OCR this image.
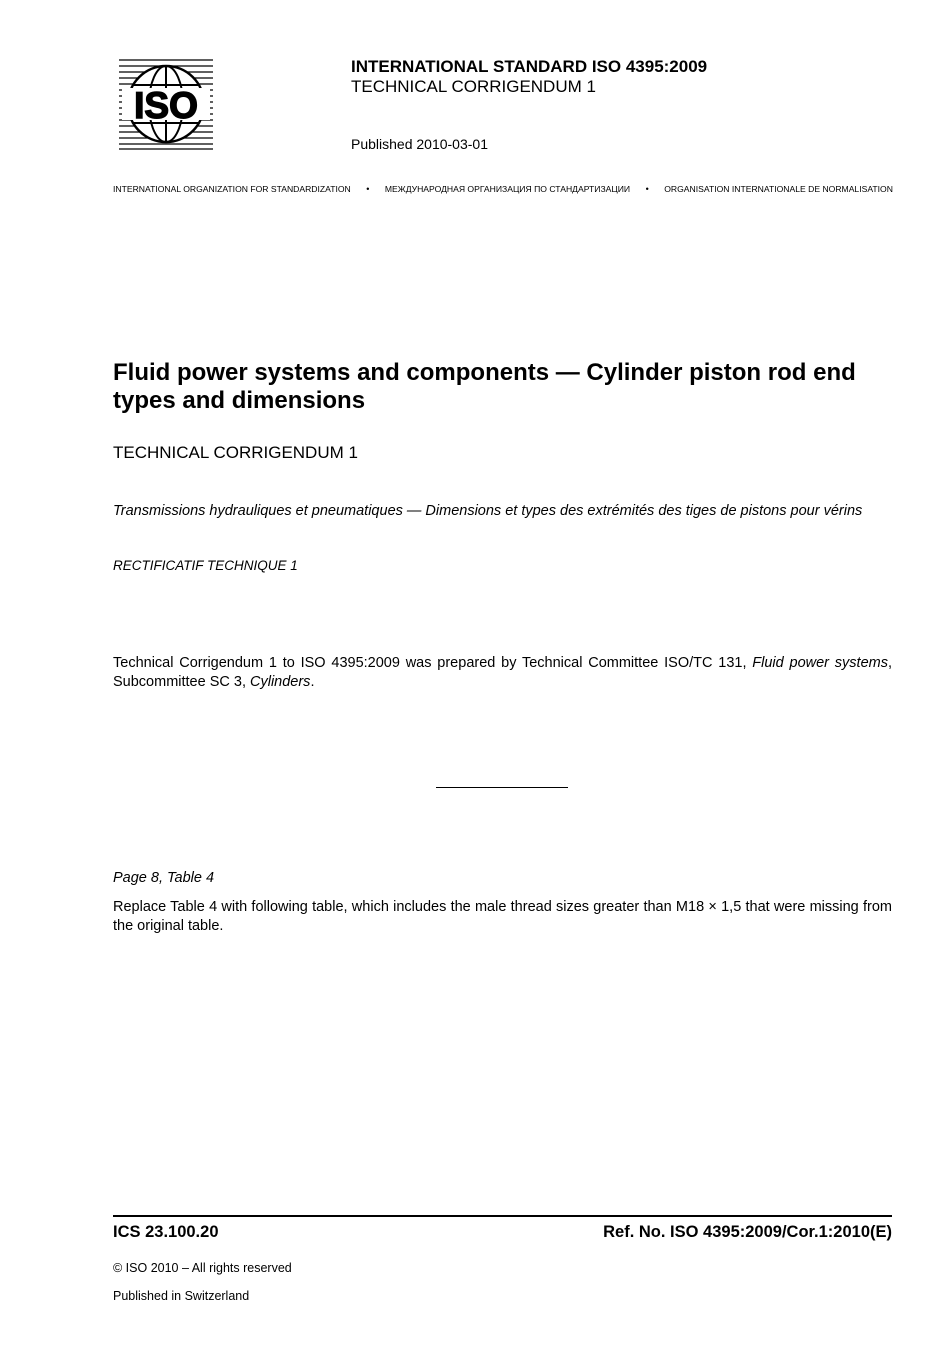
ISO
INTERNATIONAL STANDARD ISO 4395:2009
TECHNICAL CORRIGENDUM 1
Published 2010-03-01
INTERNATIONAL ORGANIZATION FOR STANDARDIZATION • МЕЖДУНАРОДНАЯ ОРГАНИЗАЦИЯ ПО СТАНДАРТИЗАЦИИ • ORGANISATION INTERNATIONALE DE NORMALISATION
Fluid power systems and components — Cylinder piston rod end types and dimensions
TECHNICAL CORRIGENDUM 1
Transmissions hydrauliques et pneumatiques — Dimensions et types des extrémités des tiges de pistons pour vérins
RECTIFICATIF TECHNIQUE 1
Technical Corrigendum 1 to ISO 4395:2009 was prepared by Technical Committee ISO/TC 131, Fluid power systems, Subcommittee SC 3, Cylinders.
Page 8, Table 4
Replace Table 4 with following table, which includes the male thread sizes greater than M18 × 1,5 that were missing from the original table.
ICS 23.100.20	Ref. No. ISO 4395:2009/Cor.1:2010(E)
© ISO 2010 – All rights reserved
Published in Switzerland
